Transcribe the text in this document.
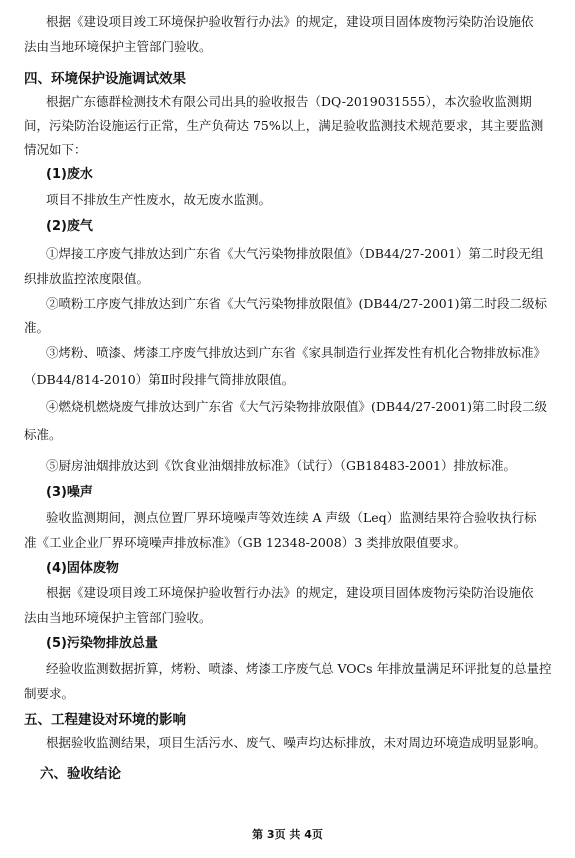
根据《建设项目竣工环境保护验收暂行办法》的规定，建设项目固体废物污染防治设施依
法由当地环境保护主管部门验收。
四、环境保护设施调试效果
根据广东德群检测技术有限公司出具的验收报告（DQ-2019031555），本次验收监测期
间，污染防治设施运行正常，生产负荷达 75%以上，满足验收监测技术规范要求，其主要监测
情况如下：
(1)废水
项目不排放生产性废水，故无废水监测。
(2)废气
①焊接工序废气排放达到广东省《大气污染物排放限值》（DB44/27-2001）第二时段无组
织排放监控浓度限值。
②喷粉工序废气排放达到广东省《大气污染物排放限值》(DB44/27-2001)第二时段二级标
准。
③烤粉、喷漆、烤漆工序废气排放达到广东省《家具制造行业挥发性有机化合物排放标准》
（DB44/814-2010）第Ⅱ时段排气筒排放限值。
④燃烧机燃烧废气排放达到广东省《大气污染物排放限值》(DB44/27-2001)第二时段二级
标准。
⑤厨房油烟排放达到《饮食业油烟排放标准》（试行）（GB18483-2001）排放标准。
(3)噪声
验收监测期间，测点位置厂界环境噪声等效连续 A 声级（Leq）监测结果符合验收执行标
准《工业企业厂界环境噪声排放标准》（GB 12348-2008）3 类排放限值要求。
(4)固体废物
根据《建设项目竣工环境保护验收暂行办法》的规定，建设项目固体废物污染防治设施依
法由当地环境保护主管部门验收。
(5)污染物排放总量
经验收监测数据折算，烤粉、喷漆、烤漆工序废气总 VOCs 年排放量满足环评批复的总量控
制要求。
五、工程建设对环境的影响
根据验收监测结果，项目生活污水、废气、噪声均达标排放，未对周边环境造成明显影响。
六、验收结论
第 3页 共 4页
